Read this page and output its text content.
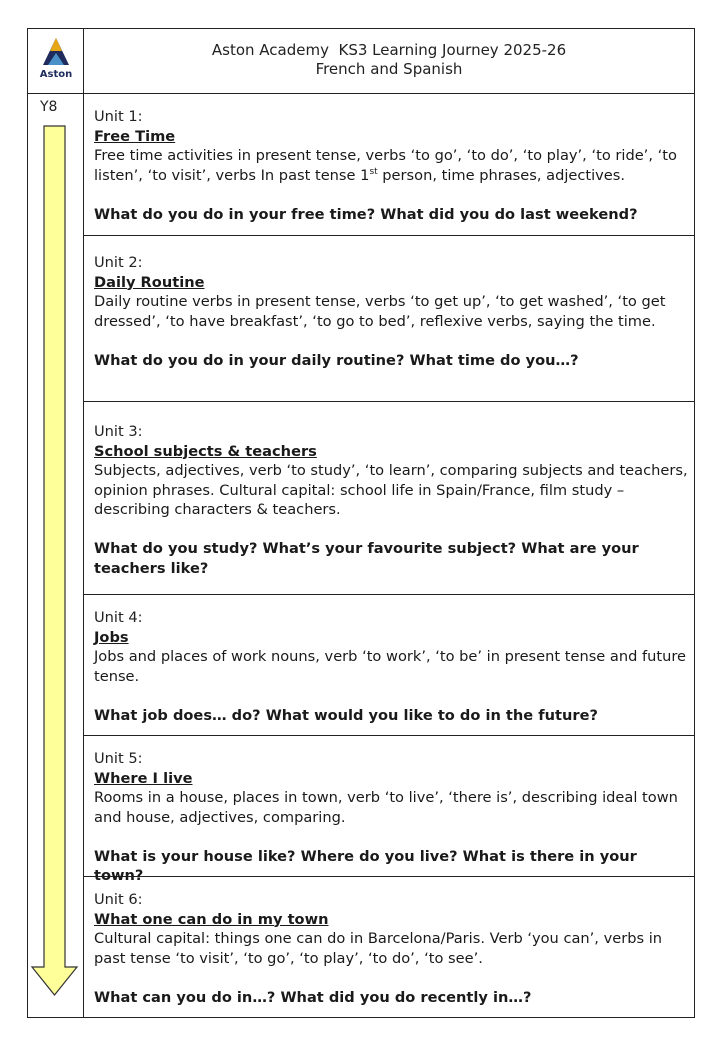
Aston
Aston Academy  KS3 Learning Journey 2025-26
French and Spanish
Y8

Unit 1:

Free Time

Free time activities in present tense, verbs ‘to go’, ‘to do’, ‘to play’, ‘to ride’, ‘to listen’, ‘to visit’, verbs In past tense 1st person, time phrases, adjectives.

What do you do in your free time? What did you do last weekend?

Unit 2:

Daily Routine

Daily routine verbs in present tense, verbs ‘to get up’, ‘to get washed’, ‘to get dressed’, ‘to have breakfast’, ‘to go to bed’, reflexive verbs, saying the time.

What do you do in your daily routine? What time do you…?

Unit 3:

School subjects & teachers

Subjects, adjectives, verb ‘to study’, ‘to learn’, comparing subjects and teachers, opinion phrases. Cultural capital: school life in Spain/France, film study – describing characters & teachers.

What do you study? What’s your favourite subject? What are your teachers like?

Unit 4:

Jobs

Jobs and places of work nouns, verb ‘to work’, ‘to be’ in present tense and future tense.

What job does… do? What would you like to do in the future?

Unit 5:

Where I live

Rooms in a house, places in town, verb ‘to live’, ‘there is’, describing ideal town and house, adjectives, comparing.

What is your house like? Where do you live? What is there in your town?

Unit 6:

What one can do in my town

Cultural capital: things one can do in Barcelona/Paris. Verb ‘you can’, verbs in past tense ‘to visit’, ‘to go’, ‘to play’, ‘to do’, ‘to see’.

What can you do in…? What did you do recently in…?
